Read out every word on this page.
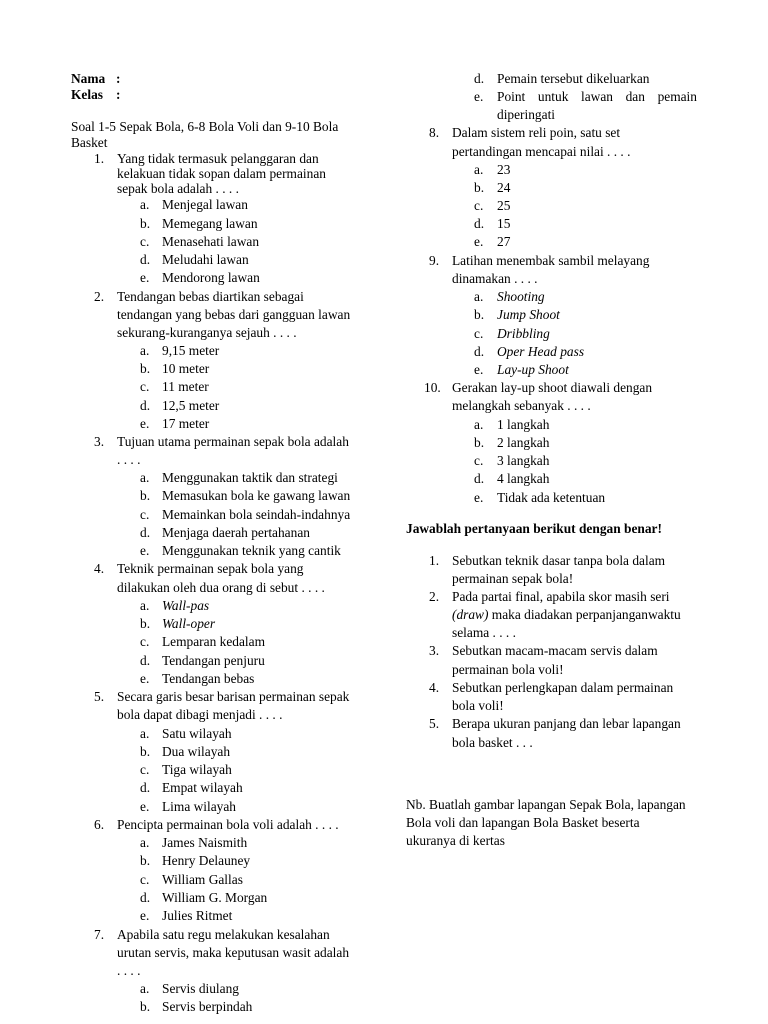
Nama :
Kelas :
Soal 1-5 Sepak Bola, 6-8 Bola Voli dan 9-10 Bola
Basket
1. Yang tidak termasuk pelanggaran dan
kelakuan tidak sopan dalam permainan
sepak bola adalah . . . .
a. Menjegal lawan
b. Memegang lawan
c. Menasehati lawan
d. Meludahi lawan
e. Mendorong lawan
2. Tendangan bebas diartikan sebagai
tendangan yang bebas dari gangguan lawan
sekurang-kuranganya sejauh . . . .
a. 9,15 meter
b. 10 meter
c. 11 meter
d. 12,5 meter
e. 17 meter
3. Tujuan utama permainan sepak bola adalah
. . . .
a. Menggunakan taktik dan strategi
b. Memasukan bola ke gawang lawan
c. Memainkan bola seindah-indahnya
d. Menjaga daerah pertahanan
e. Menggunakan teknik yang cantik
4. Teknik permainan sepak bola yang
dilakukan oleh dua orang di sebut . . . .
a. Wall-pas
b. Wall-oper
c. Lemparan kedalam
d. Tendangan penjuru
e. Tendangan bebas
5. Secara garis besar barisan permainan sepak
bola dapat dibagi menjadi . . . .
a. Satu wilayah
b. Dua wilayah
c. Tiga wilayah
d. Empat wilayah
e. Lima wilayah
6. Pencipta permainan bola voli adalah . . . .
a. James Naismith
b. Henry Delauney
c. William Gallas
d. William G. Morgan
e. Julies Ritmet
7. Apabila satu regu melakukan kesalahan
urutan servis, maka keputusan wasit adalah
. . . .
a. Servis diulang
b. Servis berpindah
d. Pemain tersebut dikeluarkan
e. Point untuk lawan dan pemain
diperingati
8. Dalam sistem reli poin, satu set
pertandingan mencapai nilai . . . .
a. 23
b. 24
c. 25
d. 15
e. 27
9. Latihan menembak sambil melayang
dinamakan . . . .
a. Shooting
b. Jump Shoot
c. Dribbling
d. Oper Head pass
e. Lay-up Shoot
10. Gerakan lay-up shoot diawali dengan
melangkah sebanyak . . . .
a. 1 langkah
b. 2 langkah
c. 3 langkah
d. 4 langkah
e. Tidak ada ketentuan
Jawablah pertanyaan berikut dengan benar!
1. Sebutkan teknik dasar tanpa bola dalam
permainan sepak bola!
2. Pada partai final, apabila skor masih seri
(draw) maka diadakan perpanjanganwaktu
selama . . . .
3. Sebutkan macam-macam servis dalam
permainan bola voli!
4. Sebutkan perlengkapan dalam permainan
bola voli!
5. Berapa ukuran panjang dan lebar lapangan
bola basket . . .
Nb. Buatlah gambar lapangan Sepak Bola, lapangan
Bola voli dan lapangan Bola Basket beserta
ukuranya di kertas
